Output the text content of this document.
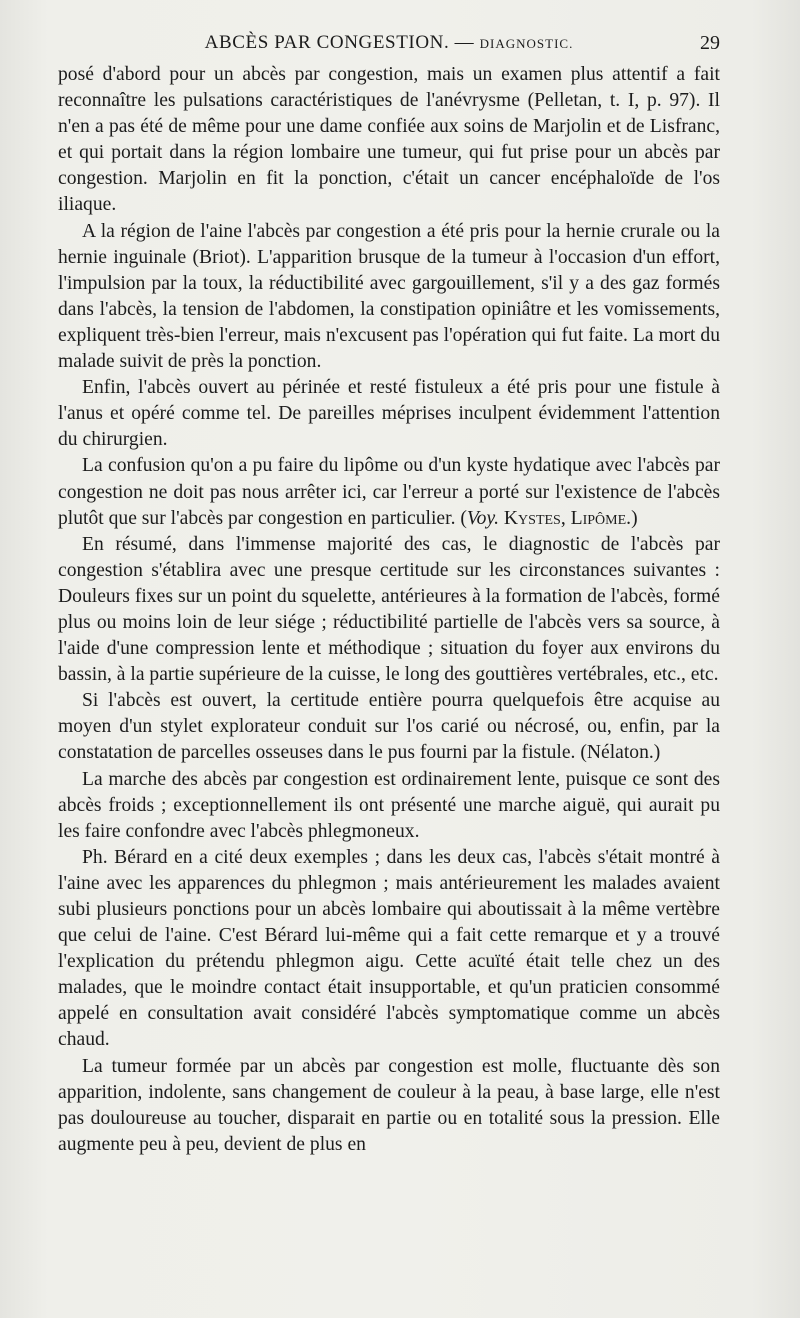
ABCÈS PAR CONGESTION. — DIAGNOSTIC.	29

posé d'abord pour un abcès par congestion, mais un examen plus attentif a fait reconnaître les pulsations caractéristiques de l'anévrysme (Pelletan, t. I, p. 97). Il n'en a pas été de même pour une dame confiée aux soins de Marjolin et de Lisfranc, et qui portait dans la région lombaire une tumeur, qui fut prise pour un abcès par congestion. Marjolin en fit la ponction, c'était un cancer encéphaloïde de l'os iliaque.

A la région de l'aine l'abcès par congestion a été pris pour la hernie crurale ou la hernie inguinale (Briot). L'apparition brusque de la tumeur à l'occasion d'un effort, l'impulsion par la toux, la réductibilité avec gargouillement, s'il y a des gaz formés dans l'abcès, la tension de l'abdomen, la constipation opiniâtre et les vomissements, expliquent très-bien l'erreur, mais n'excusent pas l'opération qui fut faite. La mort du malade suivit de près la ponction.

Enfin, l'abcès ouvert au périnée et resté fistuleux a été pris pour une fistule à l'anus et opéré comme tel. De pareilles méprises inculpent évidemment l'attention du chirurgien.

La confusion qu'on a pu faire du lipôme ou d'un kyste hydatique avec l'abcès par congestion ne doit pas nous arrêter ici, car l'erreur a porté sur l'existence de l'abcès plutôt que sur l'abcès par congestion en particulier. (Voy. Kystes, Lipôme.)

En résumé, dans l'immense majorité des cas, le diagnostic de l'abcès par congestion s'établira avec une presque certitude sur les circonstances suivantes : Douleurs fixes sur un point du squelette, antérieures à la formation de l'abcès, formé plus ou moins loin de leur siége ; réductibilité partielle de l'abcès vers sa source, à l'aide d'une compression lente et méthodique ; situation du foyer aux environs du bassin, à la partie supérieure de la cuisse, le long des gouttières vertébrales, etc., etc.

Si l'abcès est ouvert, la certitude entière pourra quelquefois être acquise au moyen d'un stylet explorateur conduit sur l'os carié ou nécrosé, ou, enfin, par la constatation de parcelles osseuses dans le pus fourni par la fistule. (Nélaton.)

La marche des abcès par congestion est ordinairement lente, puisque ce sont des abcès froids ; exceptionnellement ils ont présenté une marche aiguë, qui aurait pu les faire confondre avec l'abcès phlegmoneux.

Ph. Bérard en a cité deux exemples ; dans les deux cas, l'abcès s'était montré à l'aine avec les apparences du phlegmon ; mais antérieurement les malades avaient subi plusieurs ponctions pour un abcès lombaire qui aboutissait à la même vertèbre que celui de l'aine. C'est Bérard lui-même qui a fait cette remarque et y a trouvé l'explication du prétendu phlegmon aigu. Cette acuïté était telle chez un des malades, que le moindre contact était insupportable, et qu'un praticien consommé appelé en consultation avait considéré l'abcès symptomatique comme un abcès chaud.

La tumeur formée par un abcès par congestion est molle, fluctuante dès son apparition, indolente, sans changement de couleur à la peau, à base large, elle n'est pas douloureuse au toucher, disparait en partie ou en totalité sous la pression. Elle augmente peu à peu, devient de plus en
